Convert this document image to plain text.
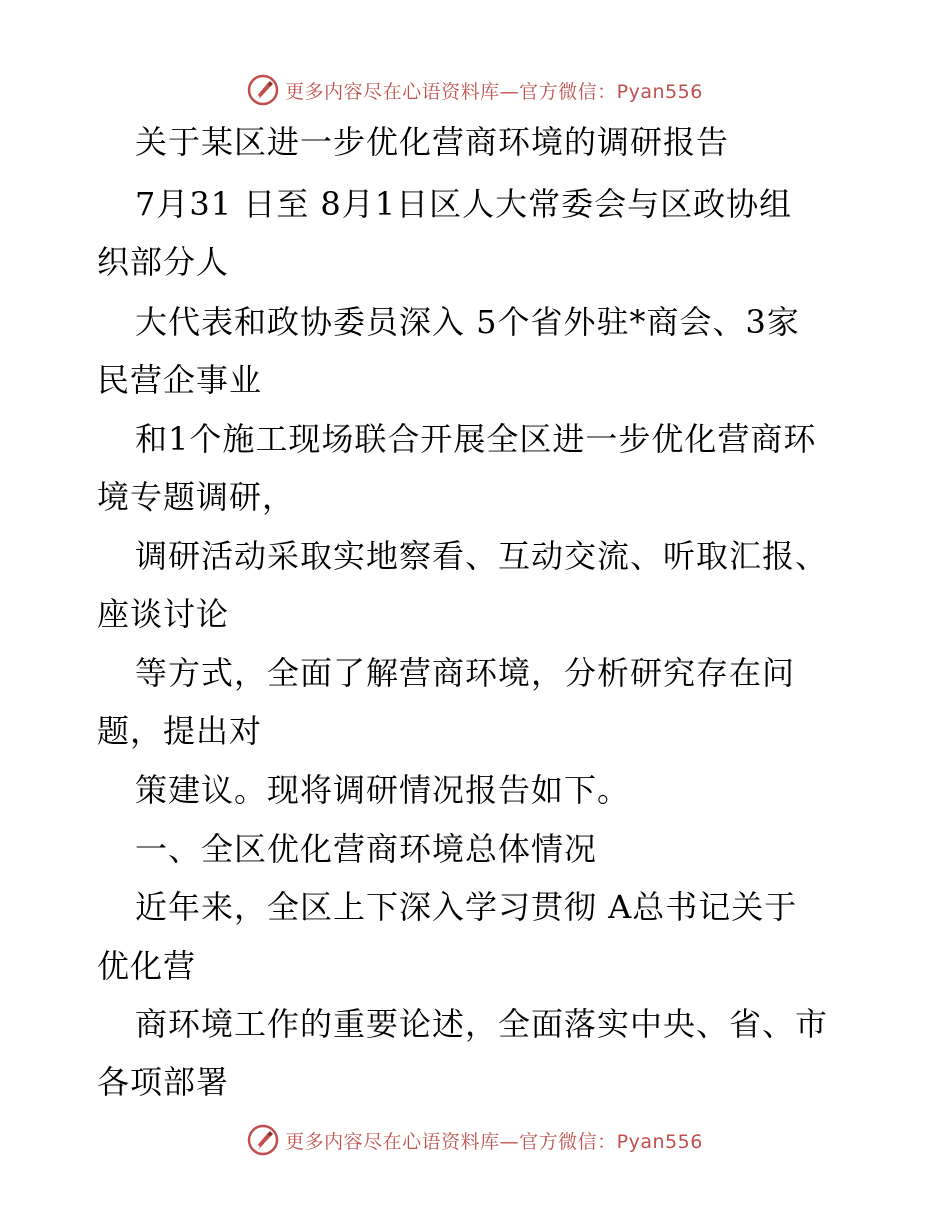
更多内容尽在心语资料库—官方微信：Pyan556
关于某区进一步优化营商环境的调研报告
7月31 日至 8月1日区人大常委会与区政协组
织部分人
大代表和政协委员深入 5个省外驻*商会、3家
民营企事业
和1个施工现场联合开展全区进一步优化营商环
境专题调研，
调研活动采取实地察看、互动交流、听取汇报、
座谈讨论
等方式，全面了解营商环境，分析研究存在问
题，提出对
策建议。现将调研情况报告如下。
一、全区优化营商环境总体情况
近年来，全区上下深入学习贯彻 A总书记关于
优化营
商环境工作的重要论述，全面落实中央、省、市
各项部署
更多内容尽在心语资料库—官方微信：Pyan556
